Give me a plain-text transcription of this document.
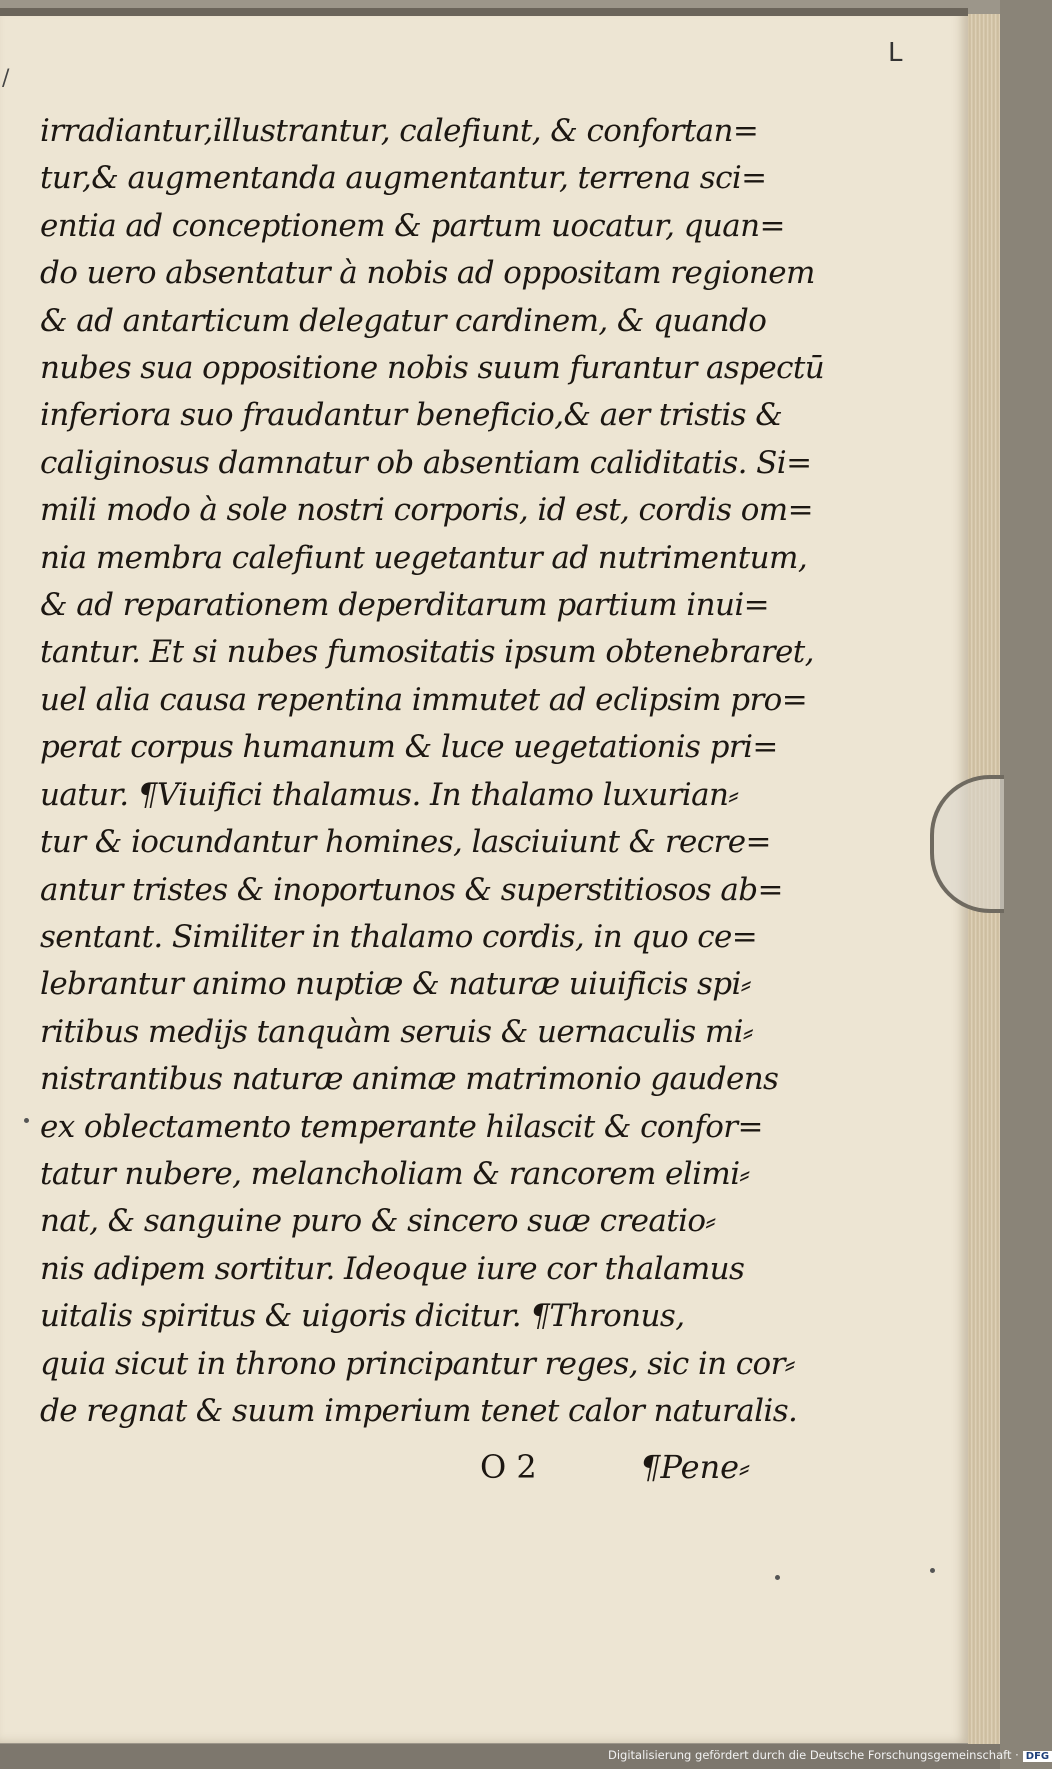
L
/
irradiantur,illustrantur, calefiunt, & confortan=
tur,& augmentanda augmentantur, terrena sci=
entia ad conceptionem & partum uocatur, quan=
do uero absentatur à nobis ad oppositam regionem
& ad antarticum delegatur cardinem, & quando
nubes sua oppositione nobis suum furantur aspectū
inferiora suo fraudantur beneficio,& aer tristis &
caliginosus damnatur ob absentiam caliditatis. Si=
mili modo à sole nostri corporis, id est, cordis om=
nia membra calefiunt uegetantur ad nutrimentum,
& ad reparationem deperditarum partium inui=
tantur. Et si nubes fumositatis ipsum obtenebraret,
uel alia causa repentina immutet ad eclipsim pro=
perat corpus humanum & luce uegetationis pri=
uatur. ¶Viuifici thalamus. In thalamo luxurian⸗
tur & iocundantur homines, lasciuiunt & recre=
antur tristes & inoportunos & superstitiosos ab=
sentant. Similiter in thalamo cordis, in quo ce=
lebrantur animo nuptiæ & naturæ uiuificis spi⸗
ritibus medijs tanquàm seruis & uernaculis mi⸗
nistrantibus naturæ animæ matrimonio gaudens
ex oblectamento temperante hilascit & confor=
tatur nubere, melancholiam & rancorem elimi⸗
nat, & sanguine puro & sincero suæ creatio⸗
nis adipem sortitur. Ideoque iure cor thalamus
uitalis spiritus & uigoris dicitur. ¶Thronus,
quia sicut in throno principantur reges, sic in cor⸗
de regnat & suum imperium tenet calor naturalis.
O 2	¶Pene⸗
Digitalisierung gefördert durch die Deutsche Forschungsgemeinschaft · DFG
